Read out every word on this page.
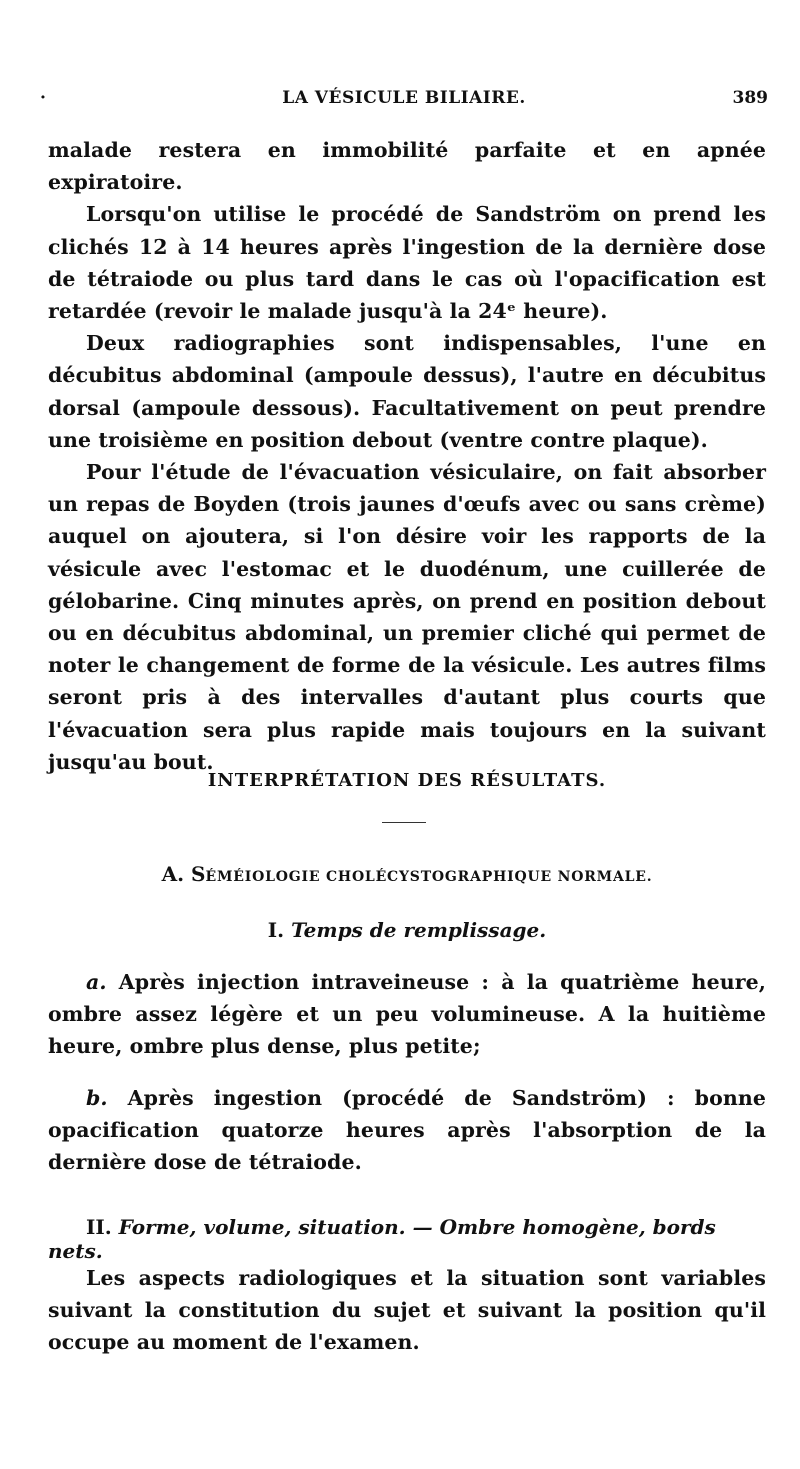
·	LA VÉSICULE BILIAIRE.	389

malade restera en immobilité parfaite et en apnée expiratoire.

Lorsqu'on utilise le procédé de Sandström on prend les clichés 12 à 14 heures après l'ingestion de la dernière dose de tétraiode ou plus tard dans le cas où l'opacification est retardée (revoir le malade jusqu'à la 24ᵉ heure).

Deux radiographies sont indispensables, l'une en décubitus abdominal (ampoule dessus), l'autre en décubitus dorsal (ampoule dessous). Facultativement on peut prendre une troisième en position debout (ventre contre plaque).

Pour l'étude de l'évacuation vésiculaire, on fait absorber un repas de Boyden (trois jaunes d'œufs avec ou sans crème) auquel on ajoutera, si l'on désire voir les rapports de la vésicule avec l'estomac et le duodénum, une cuillerée de gélobarine. Cinq minutes après, on prend en position debout ou en décubitus abdominal, un premier cliché qui permet de noter le changement de forme de la vésicule. Les autres films seront pris à des intervalles d'autant plus courts que l'évacuation sera plus rapide mais toujours en la suivant jusqu'au bout.

INTERPRÉTATION DES RÉSULTATS.
A. SÉMÉIOLOGIE CHOLÉCYSTOGRAPHIQUE NORMALE.
I. Temps de remplissage.

a. Après injection intraveineuse : à la quatrième heure, ombre assez légère et un peu volumineuse. A la huitième heure, ombre plus dense, plus petite;

b. Après ingestion (procédé de Sandström) : bonne opacification quatorze heures après l'absorption de la dernière dose de tétraiode.

II. Forme, volume, situation. — Ombre homogène, bords nets.

Les aspects radiologiques et la situation sont variables suivant la constitution du sujet et suivant la position qu'il occupe au moment de l'examen.
